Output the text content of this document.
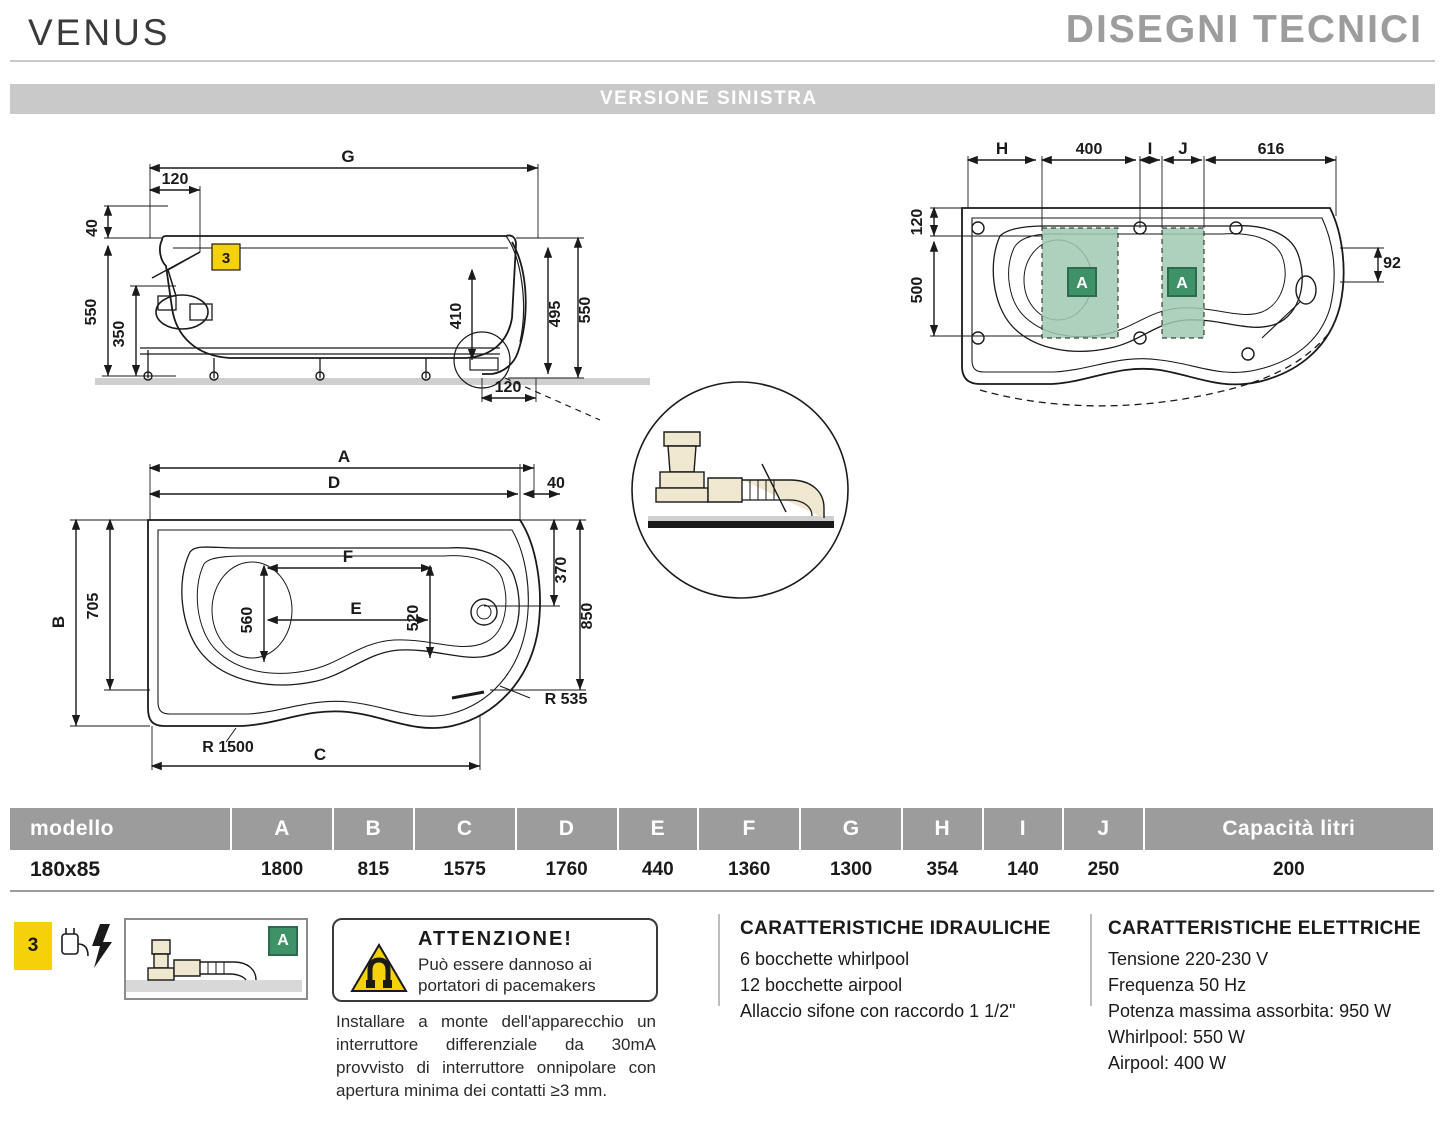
VENUS	DISEGNI TECNICI
VERSIONE SINISTRA
3
G
120
40
550
350
410	495 550
120
A	A
H	400	I J	616
120
500
92
A
D	40
B
705
370
850
F
E
560	520
R 535
R 1500	C
modello	A	B	C	D	E	F	G	H	I	J	Capacità litri
180x85	1800	815	1575	1760	440	1360	1300	354	140	250	200
3	A	ATTENZIONE!
Può essere dannoso ai portatori di pacemakers
Installare a monte dell'apparecchio un interruttore differenziale da 30mA provvisto di interruttore onnipolare con apertura minima dei contatti ≥3 mm.
CARATTERISTICHE IDRAULICHE
6 bocchette whirlpool
12 bocchette airpool
Allaccio sifone con raccordo 1 1/2"
CARATTERISTICHE ELETTRICHE
Tensione 220-230 V
Frequenza 50 Hz
Potenza massima assorbita: 950 W
Whirlpool: 550 W
Airpool: 400 W
